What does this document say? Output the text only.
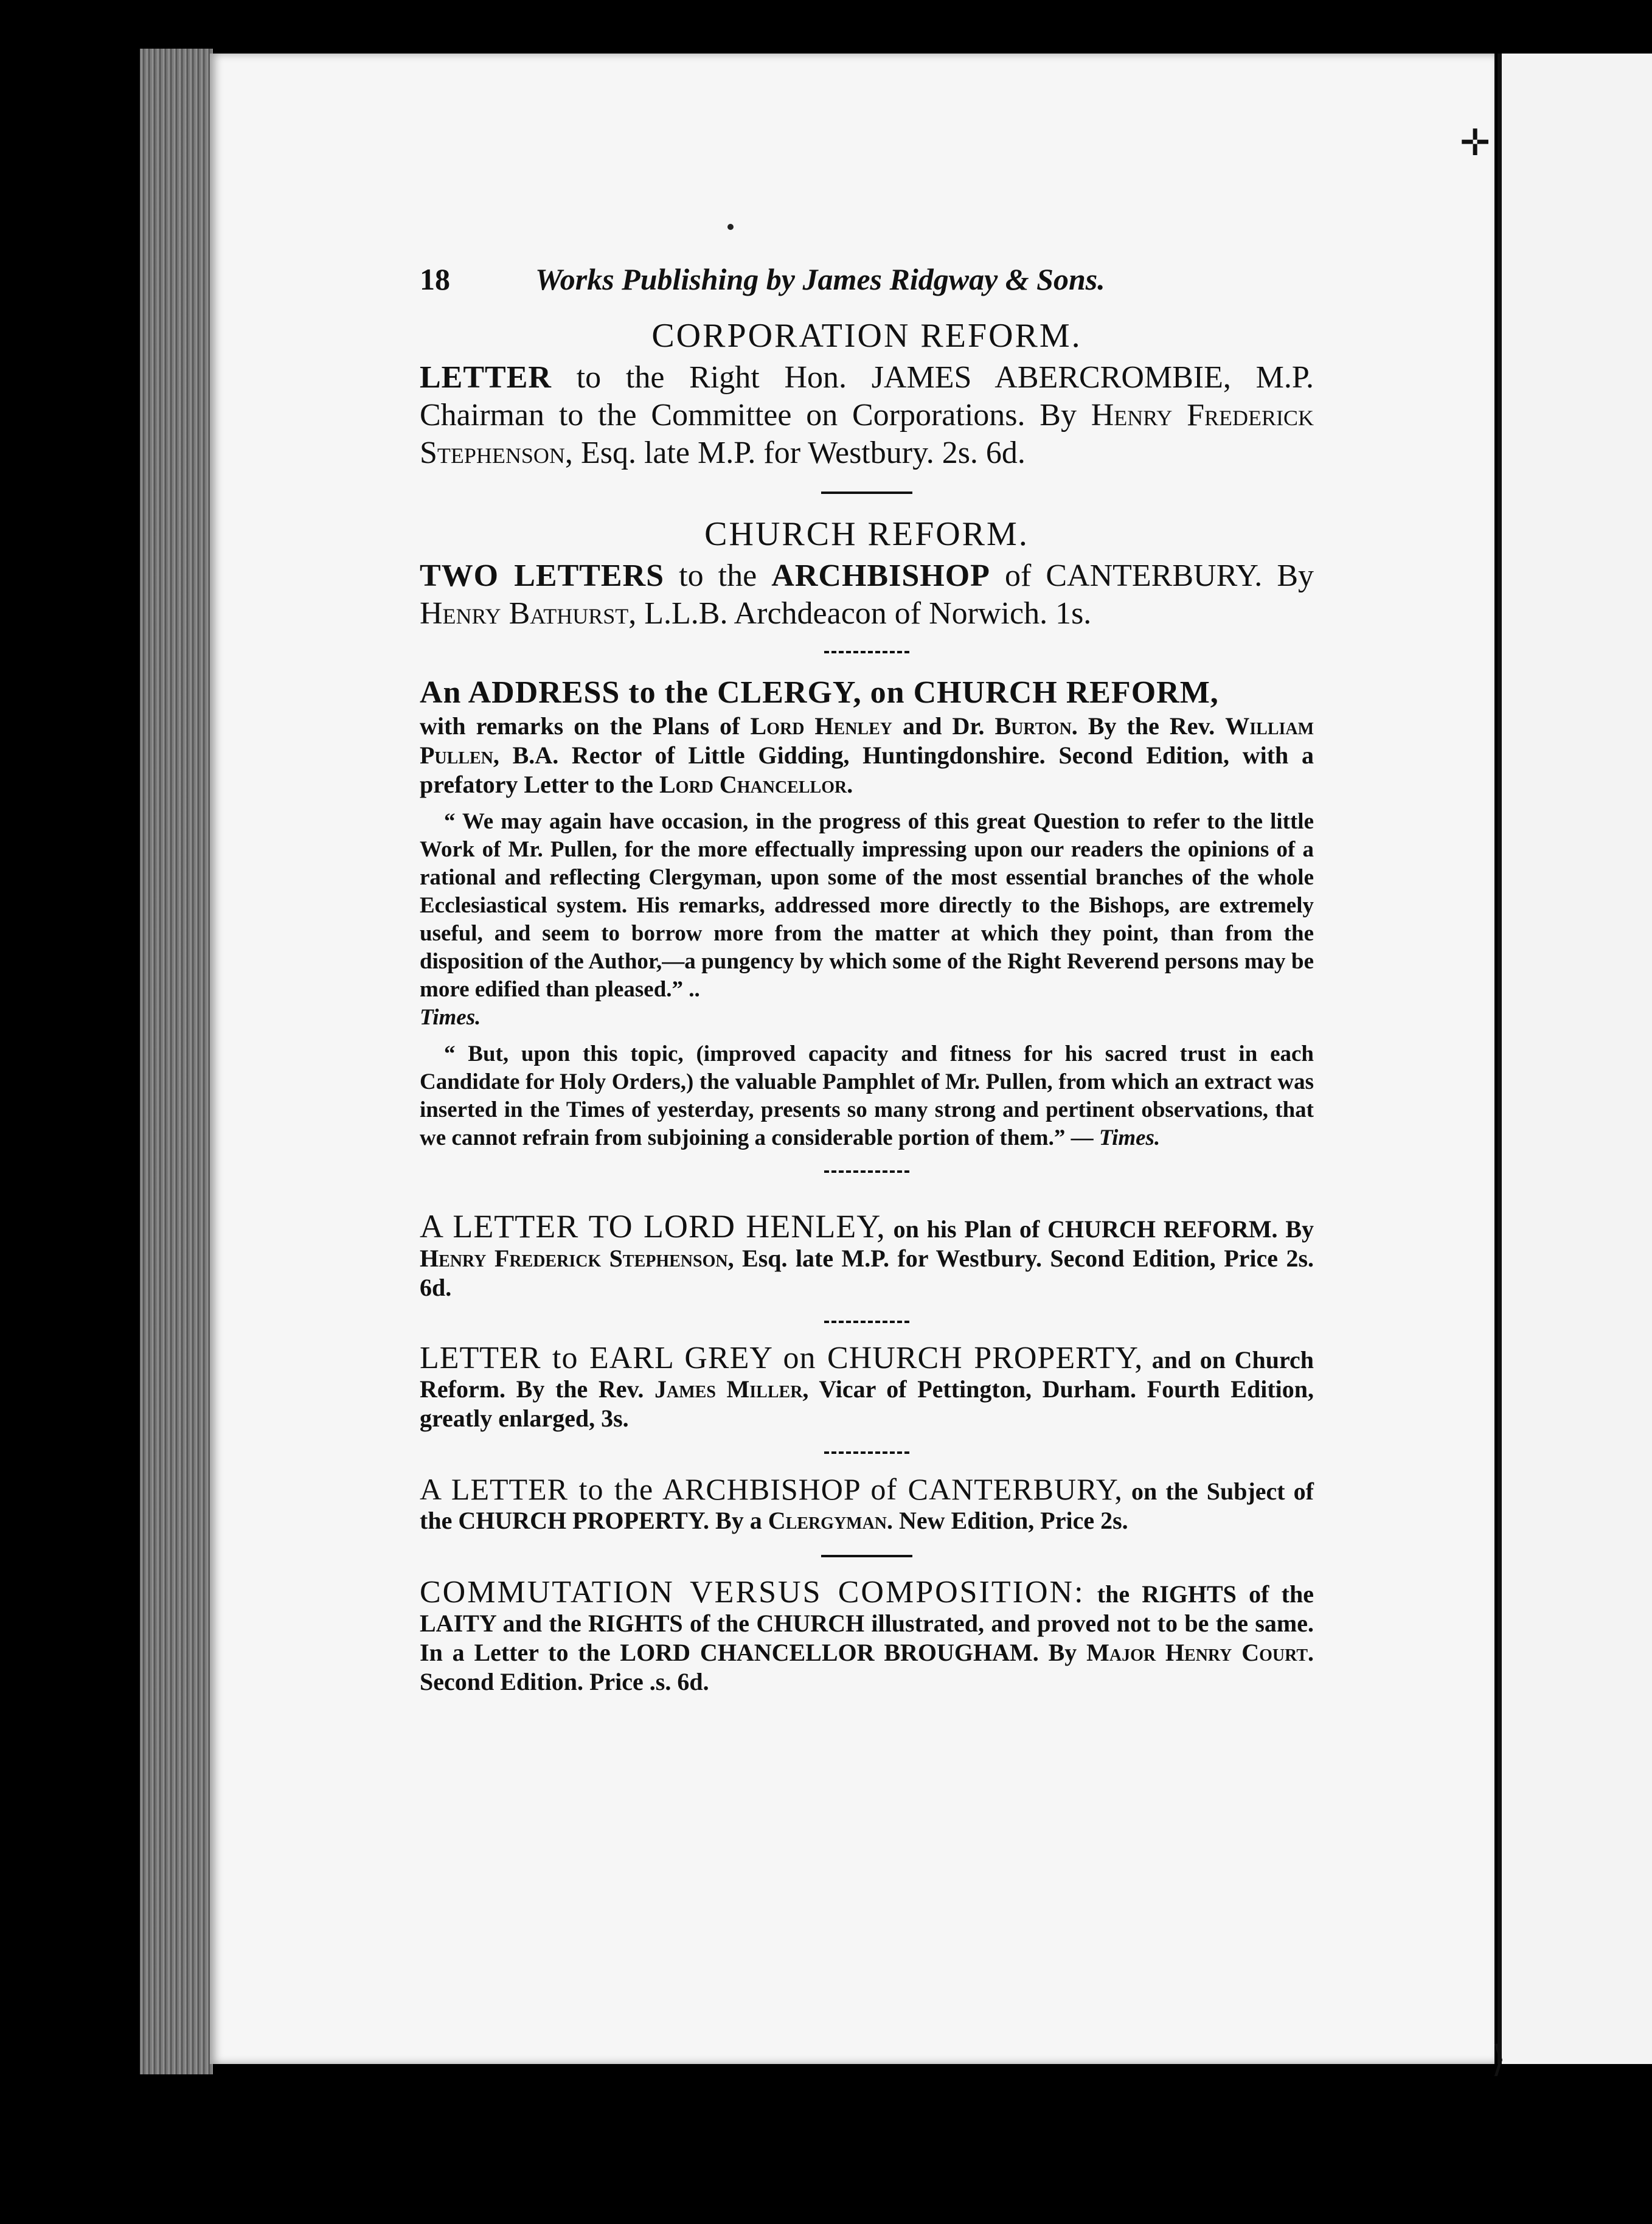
✛
⟩
18	Works Publishing by James Ridgway & Sons.
CORPORATION REFORM.

LETTER to the Right Hon. JAMES ABERCROMBIE, M.P. Chairman to the Committee on Corporations. By Henry Frederick Stephenson, Esq. late M.P. for Westbury. 2s. 6d.

CHURCH REFORM.

TWO LETTERS to the ARCHBISHOP of CANTERBURY. By Henry Bathurst, L.L.B. Archdeacon of Norwich. 1s.

An ADDRESS to the CLERGY, on CHURCH REFORM,

with remarks on the Plans of Lord Henley and Dr. Burton. By the Rev. William Pullen, B.A. Rector of Little Gidding, Huntingdonshire. Second Edition, with a prefatory Letter to the Lord Chancellor.

“ We may again have occasion, in the progress of this great Question to refer to the little Work of Mr. Pullen, for the more effectually impressing upon our readers the opinions of a rational and reflecting Clergyman, upon some of the most essential branches of the whole Ecclesiastical system. His remarks, addressed more directly to the Bishops, are extremely useful, and seem to borrow more from the matter at which they point, than from the disposition of the Author,—a pungency by which some of the Right Reverend persons may be more edified than pleased.” ..

Times.

“ But, upon this topic, (improved capacity and fitness for his sacred trust in each Candidate for Holy Orders,) the valuable Pamphlet of Mr. Pullen, from which an extract was inserted in the Times of yesterday, presents so many strong and pertinent observations, that we cannot refrain from subjoining a considerable portion of them.” — Times.

A LETTER TO LORD HENLEY, on his Plan of CHURCH REFORM. By Henry Frederick Stephenson, Esq. late M.P. for Westbury. Second Edition, Price 2s. 6d.

LETTER to EARL GREY on CHURCH PROPERTY, and on Church Reform. By the Rev. James Miller, Vicar of Pettington, Durham. Fourth Edition, greatly enlarged, 3s.

A LETTER to the ARCHBISHOP of CANTERBURY, on the Subject of the CHURCH PROPERTY. By a Clergyman. New Edition, Price 2s.

COMMUTATION VERSUS COMPOSITION: the RIGHTS of the LAITY and the RIGHTS of the CHURCH illustrated, and proved not to be the same. In a Letter to the LORD CHANCELLOR BROUGHAM. By Major Henry Court. Second Edition. Price .s. 6d.
